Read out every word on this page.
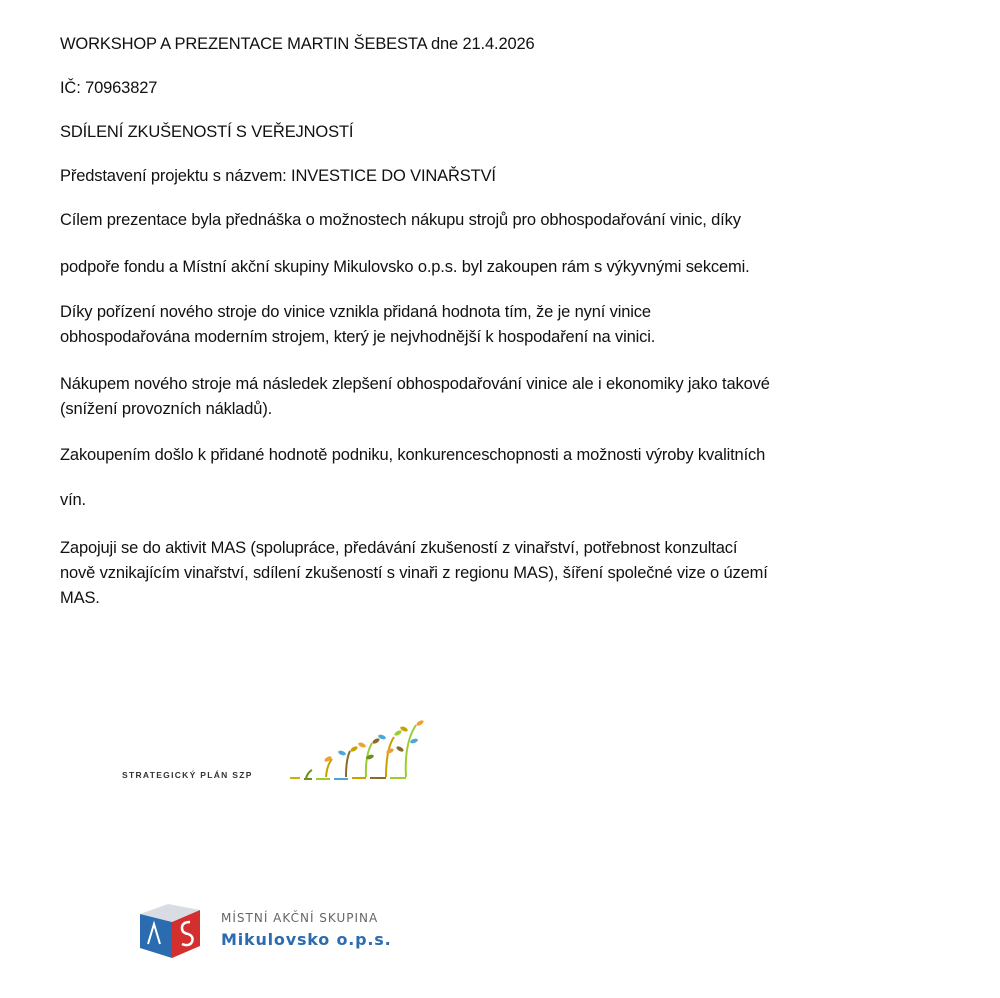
WORKSHOP A PREZENTACE MARTIN ŠEBESTA dne 21.4.2026

IČ: 70963827

SDÍLENÍ ZKUŠENOSTÍ S VEŘEJNOSTÍ

Představení projektu s názvem: INVESTICE DO VINAŘSTVÍ

Cílem prezentace byla přednáška o možnostech nákupu strojů pro obhospodařování vinic, díky

podpoře fondu a Místní akční skupiny Mikulovsko o.p.s. byl zakoupen rám s výkyvnými sekcemi.

Díky pořízení nového stroje do vinice vznikla přidaná hodnota tím, že je nyní vinice

obhospodařována moderním strojem, který je nejvhodnější k hospodaření na vinici.

Nákupem nového stroje má následek zlepšení obhospodařování vinice ale i ekonomiky jako takové

(snížení provozních nákladů).

Zakoupením došlo k přidané hodnotě podniku, konkurenceschopnosti a možnosti výroby kvalitních

vín.

Zapojuji se do aktivit MAS (spolupráce, předávání zkušeností z vinařství, potřebnost konzultací

nově vznikajícím vinařství, sdílení zkušeností s vinaři z regionu MAS), šíření společné vize o území

MAS.

STRATEGICKÝ PLÁN SZP
MÍSTNÍ AKČNÍ SKUPINA
Mikulovsko o.p.s.
